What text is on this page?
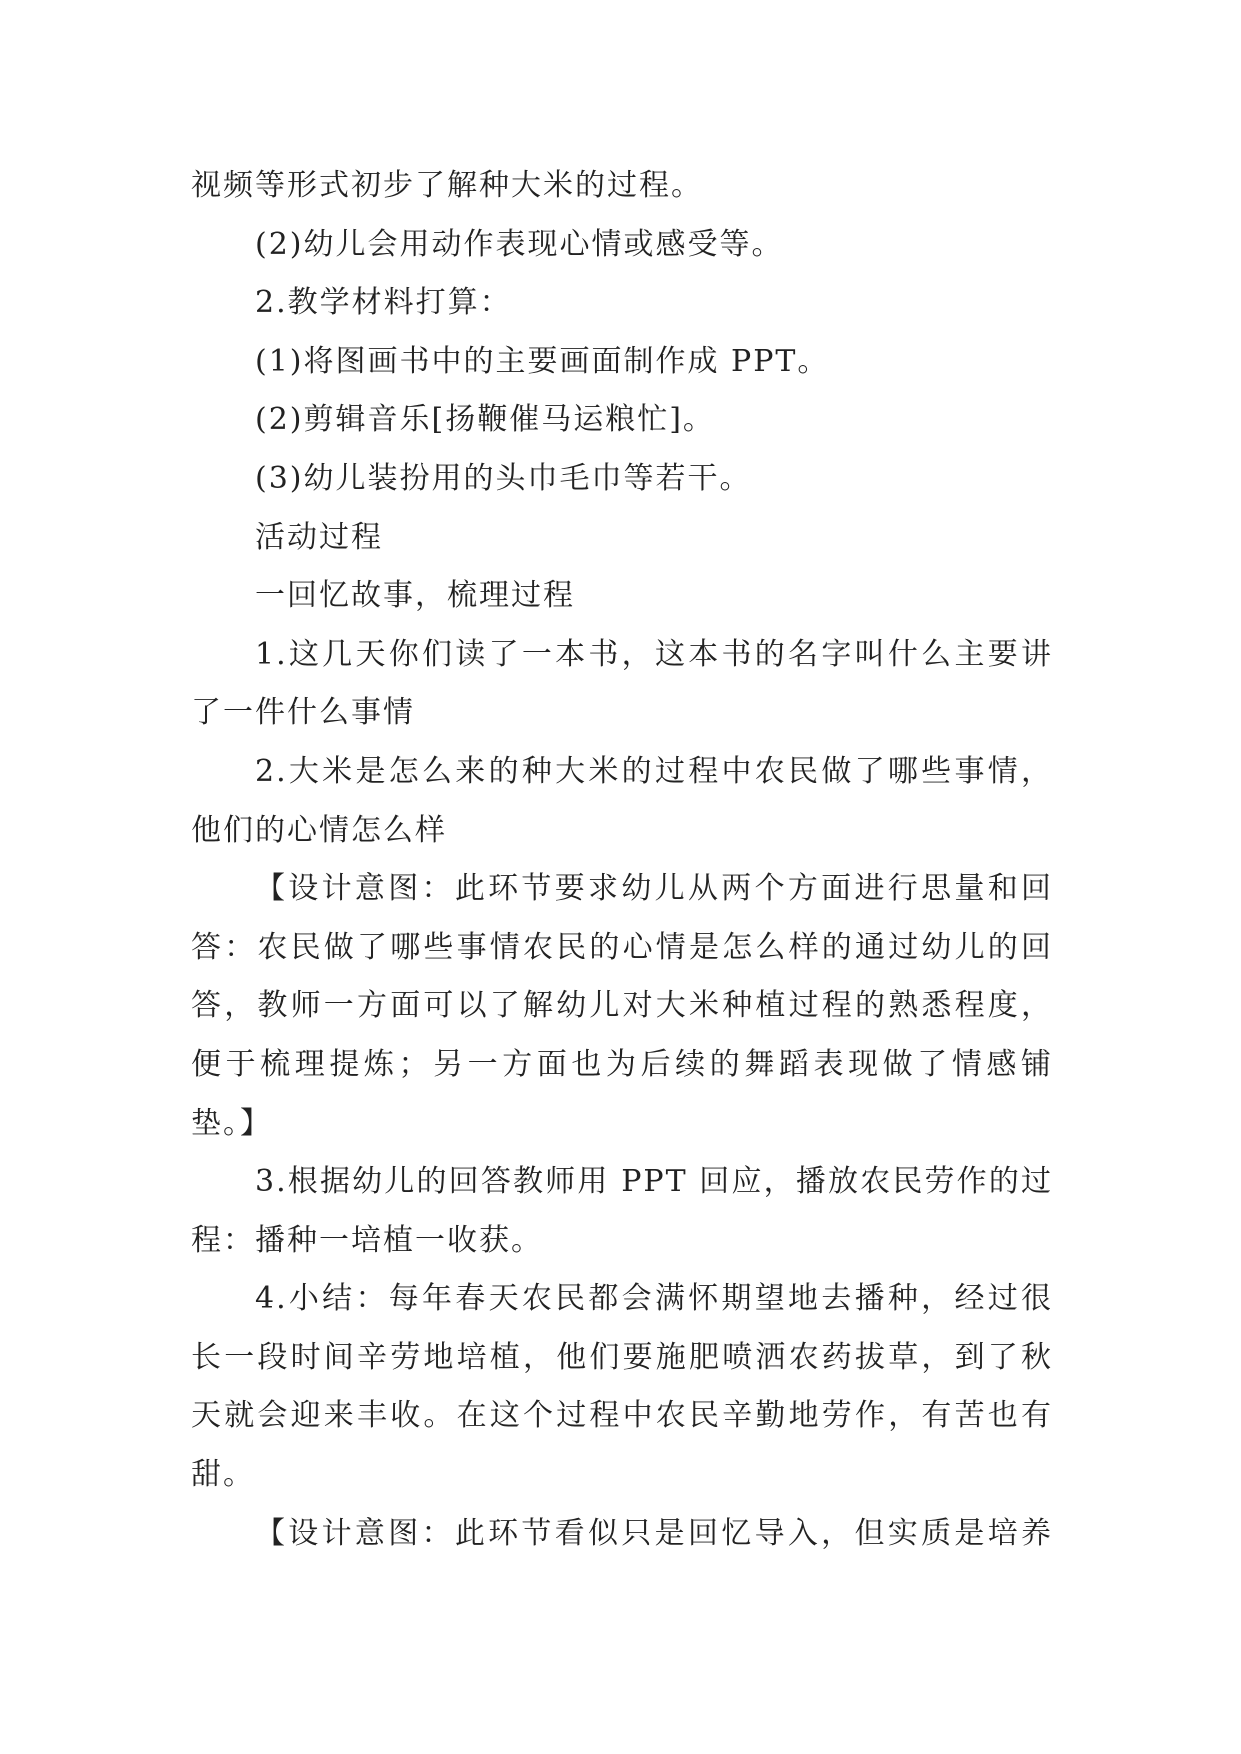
视频等形式初步了解种大米的过程。
(2)幼儿会用动作表现心情或感受等。
2.教学材料打算：
(1)将图画书中的主要画面制作成 PPT。
(2)剪辑音乐[扬鞭催马运粮忙]。
(3)幼儿装扮用的头巾毛巾等若干。
活动过程
一回忆故事，梳理过程
1.这几天你们读了一本书，这本书的名字叫什么主要讲
了一件什么事情
2.大米是怎么来的种大米的过程中农民做了哪些事情，
他们的心情怎么样
【设计意图：此环节要求幼儿从两个方面进行思量和回
答：农民做了哪些事情农民的心情是怎么样的通过幼儿的回
答，教师一方面可以了解幼儿对大米种植过程的熟悉程度，
便于梳理提炼；另一方面也为后续的舞蹈表现做了情感铺
垫。】
3.根据幼儿的回答教师用 PPT 回应，播放农民劳作的过
程：播种一培植一收获。
4.小结：每年春天农民都会满怀期望地去播种，经过很
长一段时间辛劳地培植，他们要施肥喷洒农药拔草，到了秋
天就会迎来丰收。在这个过程中农民辛勤地劳作，有苦也有
甜。
【设计意图：此环节看似只是回忆导入，但实质是培养
